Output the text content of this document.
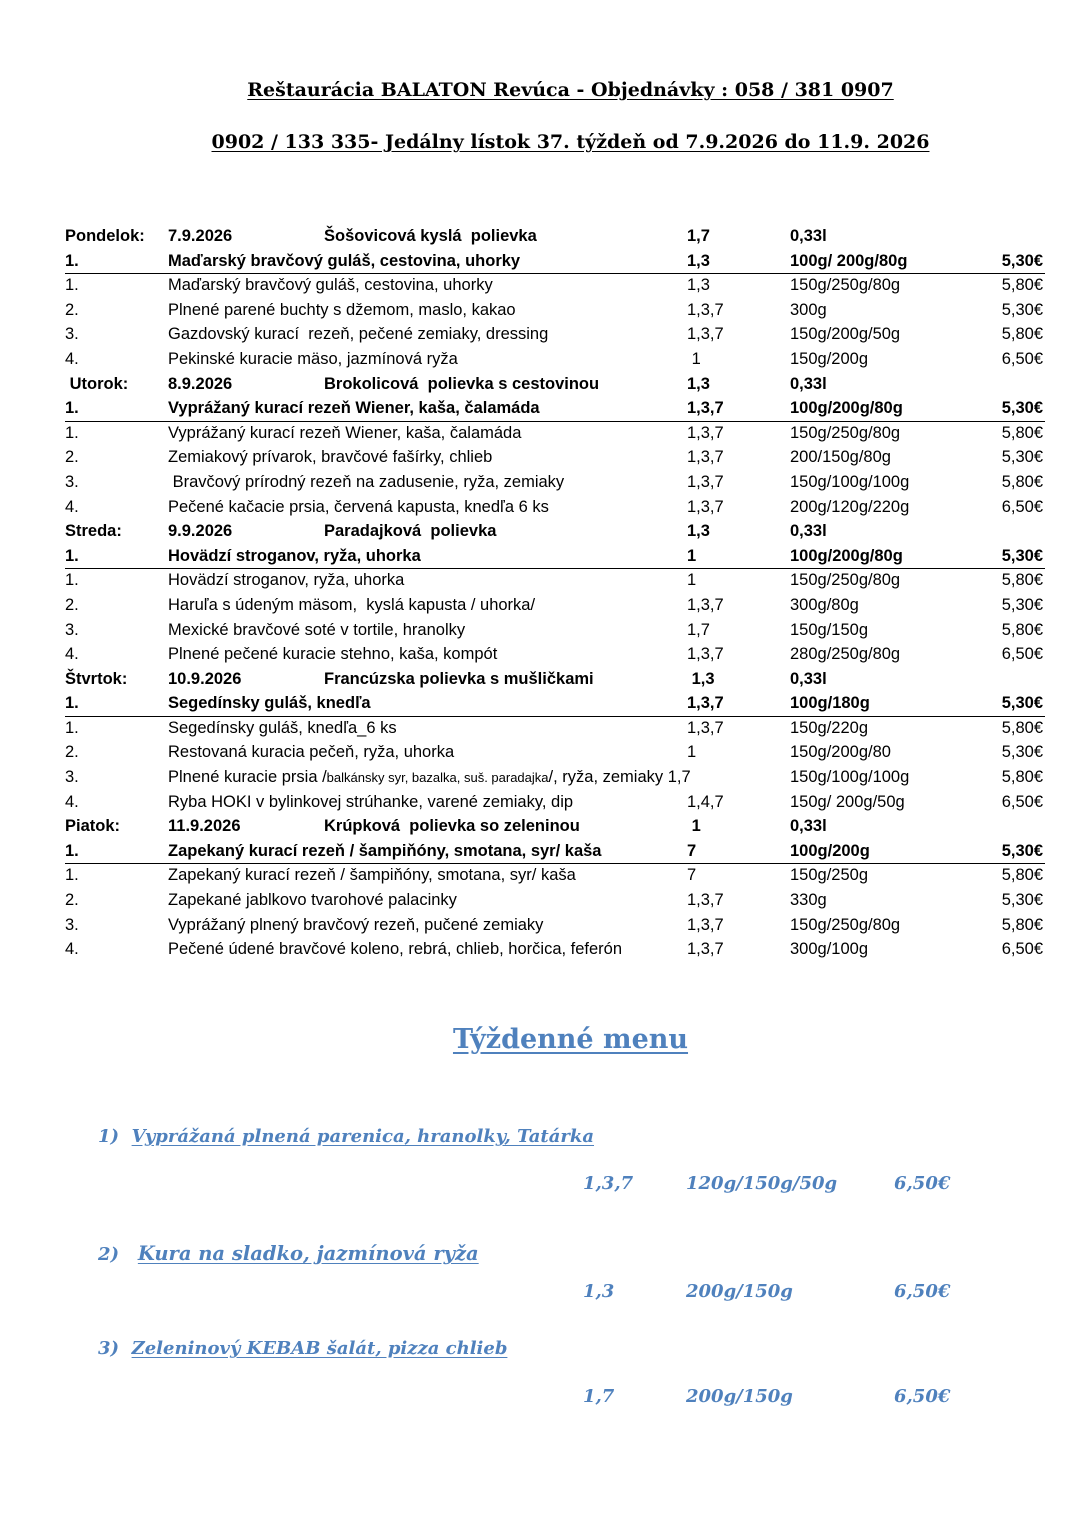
Reštaurácia BALATON Revúca - Objednávky : 058 / 381 0907
0902 / 133 335- Jedálny lístok 37. týždeň od 7.9.2026 do 11.9. 2026
Pondelok: 7.9.2026	Šošovicová kyslá  polievka	1,7	0,33l
1.	Maďarský bravčový guláš, cestovina, uhorky	1,3	100g/ 200g/80g	5,30€
1.	Maďarský bravčový guláš, cestovina, uhorky	1,3	150g/250g/80g	5,80€
2.	Plnené parené buchty s džemom, maslo, kakao	1,3,7	300g	5,30€
3.	Gazdovský kurací  rezeň, pečené zemiaky, dressing	1,3,7	150g/200g/50g	5,80€
4.	Pekinské kuracie mäso, jazmínová ryža	1	150g/200g	6,50€
Utorok: 8.9.2026	Brokolicová  polievka s cestovinou	1,3	0,33l
1.	Vyprážaný kurací rezeň Wiener, kaša, čalamáda	1,3,7	100g/200g/80g	5,30€
1.	Vyprážaný kurací rezeň Wiener, kaša, čalamáda	1,3,7	150g/250g/80g	5,80€
2.	Zemiakový prívarok, bravčové fašírky, chlieb	1,3,7	200/150g/80g	5,30€
3.	Bravčový prírodný rezeň na zadusenie, ryža, zemiaky	1,3,7	150g/100g/100g	5,80€
4.	Pečené kačacie prsia, červená kapusta, knedľa 6 ks	1,3,7	200g/120g/220g	6,50€
Streda:	9.9.2026	Paradajková  polievka	1,3	0,33l
1.	Hovädzí stroganov, ryža, uhorka	1	100g/200g/80g	5,30€
1.	Hovädzí stroganov, ryža, uhorka	1	150g/250g/80g	5,80€
2.	Haruľa s údeným mäsom,  kyslá kapusta / uhorka/	1,3,7	300g/80g	5,30€
3.	Mexické bravčové soté v tortile, hranolky	1,7	150g/150g	5,80€
4.	Plnené pečené kuracie stehno, kaša, kompót	1,3,7	280g/250g/80g	6,50€
Štvrtok: 10.9.2026	Francúzska polievka s mušličkami	1,3	0,33l
1.	Segedínsky guláš, knedľa	1,3,7	100g/180g	5,30€
1.	Segedínsky guláš, knedľa_6 ks	1,3,7	150g/220g	5,80€
2.	Restovaná kuracia pečeň, ryža, uhorka	1	150g/200g/80	5,30€
3.	Plnené kuracie prsia /balkánsky syr, bazalka, suš. paradajka/, ryža, zemiaky 1,7	150g/100g/100g	5,80€
4.	Ryba HOKI v bylinkovej strúhanke, varené zemiaky, dip	1,4,7	150g/ 200g/50g	6,50€
Piatok:	11.9.2026	Krúpková  polievka so zeleninou	1	0,33l
1.	Zapekaný kurací rezeň / šampiňóny, smotana, syr/ kaša	7	100g/200g	5,30€
1.	Zapekaný kurací rezeň / šampiňóny, smotana, syr/ kaša	7	150g/250g	5,80€
2.	Zapekané jablkovo tvarohové palacinky	1,3,7	330g	5,30€
3.	Vyprážaný plnený bravčový rezeň, pučené zemiaky	1,3,7	150g/250g/80g	5,80€
4.	Pečené údené bravčové koleno, rebrá, chlieb, horčica, feferón	1,3,7	300g/100g	6,50€
Týždenné menu
1) Vyprážaná plnená parenica, hranolky, Tatárka
1,3,7	120g/150g/50g	6,50€
2) Kura na sladko, jazmínová ryža
1,3	200g/150g	6,50€
3) Zeleninový KEBAB šalát, pizza chlieb
1,7	200g/150g	6,50€
